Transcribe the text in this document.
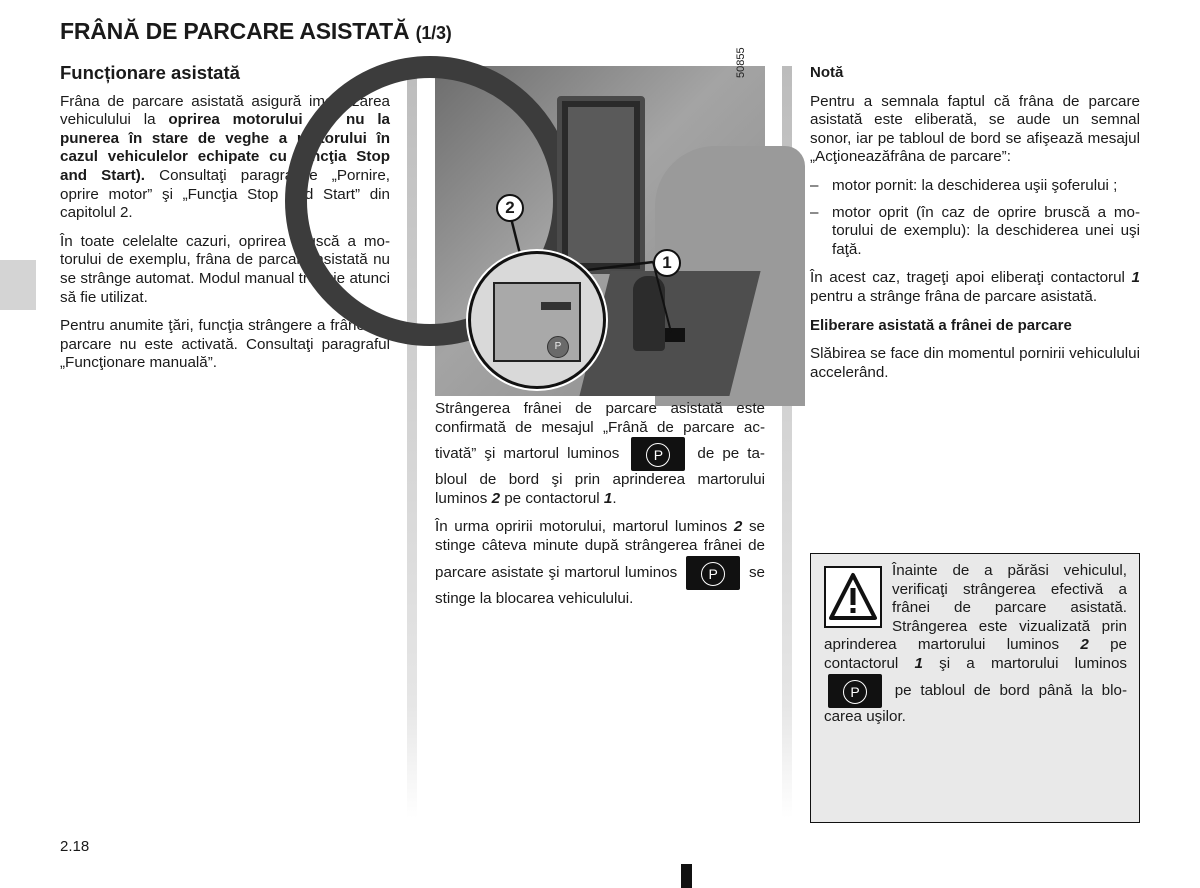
FRÂNĂ DE PARCARE ASISTATĂ (1/3)
Funcționare asistată

Frâna de parcare asistată asigură imobilizarea vehiculului la oprirea motorului (şi nu la punerea în stare de veghe a motorului în cazul vehiculelor echipate cu funcţia Stop and Start). Consultaţi paragrafele „Pornire, oprire motor” şi „Funcţia Stop and Start” din capitolul 2.

În toate celelalte cazuri, oprirea bruscă a motorului de exemplu, frâna de parcare asistată nu se strânge automat. Modul manual trebuie atunci să fie utilizat.

Pentru anumite ţări, funcţia strângere a frânei de parcare nu este activată. Consultaţi paragraful „Funcţionare manuală”.

P
2
1
50855

Strângerea frânei de parcare asistată este confirmată de mesajul „Frână de parcare activată” şi martorul luminos P de pe tabloul de bord şi prin aprinderea martorului luminos 2 pe contactorul 1.

În urma opririi motorului, martorul luminos 2 se stinge câteva minute după strângerea frânei de parcare asistate şi martorul luminos P se stinge la blocarea vehiculului.

Notă

Pentru a semnala faptul că frâna de parcare asistată este eliberată, se aude un semnal sonor, iar pe tabloul de bord se afişează mesajul „Acţioneazăfrâna de parcare”:

– motor pornit: la deschiderea uşii şoferului ;
– motor oprit (în caz de oprire bruscă a motorului de exemplu): la deschiderea unei uşi faţă.

În acest caz, trageţi apoi eliberaţi contactorul 1 pentru a strânge frâna de parcare asistată.

Eliberare asistată a frânei de parcare

Slăbirea se face din momentul pornirii vehiculului accelerând.

Înainte de a părăsi vehiculul, verificaţi strângerea efectivă a frânei de parcare asistată. Strângerea este vizualizată prin aprinderea martorului luminos 2 pe contactorul 1 şi a martorului luminos P pe tabloul de bord până la blocarea uşilor.
2.18
